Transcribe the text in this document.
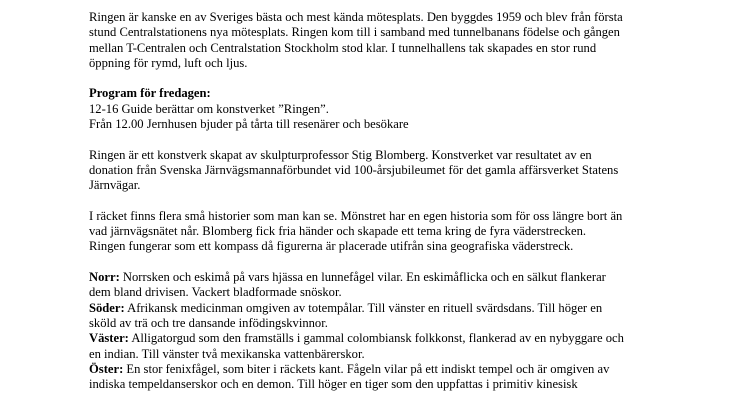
Ringen är kanske en av Sveriges bästa och mest kända mötesplats. Den byggdes 1959 och blev från första
stund Centralstationens nya mötesplats. Ringen kom till i samband med tunnelbanans födelse och gången
mellan T-Centralen och Centralstation Stockholm stod klar. I tunnelhallens tak skapades en stor rund
öppning för rymd, luft och ljus.

Program för fredagen:
12-16 Guide berättar om konstverket ”Ringen”.
Från 12.00 Jernhusen bjuder på tårta till resenärer och besökare

Ringen är ett konstverk skapat av skulpturprofessor Stig Blomberg. Konstverket var resultatet av en
donation från Svenska Järnvägsmannaförbundet vid 100-årsjubileumet för det gamla affärsverket Statens
Järnvägar.

I räcket finns flera små historier som man kan se. Mönstret har en egen historia som för oss längre bort än
vad järnvägsnätet når. Blomberg fick fria händer och skapade ett tema kring de fyra väderstrecken.
Ringen fungerar som ett kompass då figurerna är placerade utifrån sina geografiska väderstreck.

Norr: Norrsken och eskimå på vars hjässa en lunnefågel vilar. En eskimåflicka och en sälkut flankerar
dem bland drivisen. Vackert bladformade snöskor.
Söder: Afrikansk medicinman omgiven av totempålar. Till vänster en rituell svärdsdans. Till höger en
sköld av trä och tre dansande infödingskvinnor.
Väster: Alligatorgud som den framställs i gammal colombiansk folkkonst, flankerad av en nybyggare och
en indian. Till vänster två mexikanska vattenbärerskor.
Öster: En stor fenixfågel, som biter i räckets kant. Fågeln vilar på ett indiskt tempel och är omgiven av
indiska tempeldanserskor och en demon. Till höger en tiger som den uppfattas i primitiv kinesisk
